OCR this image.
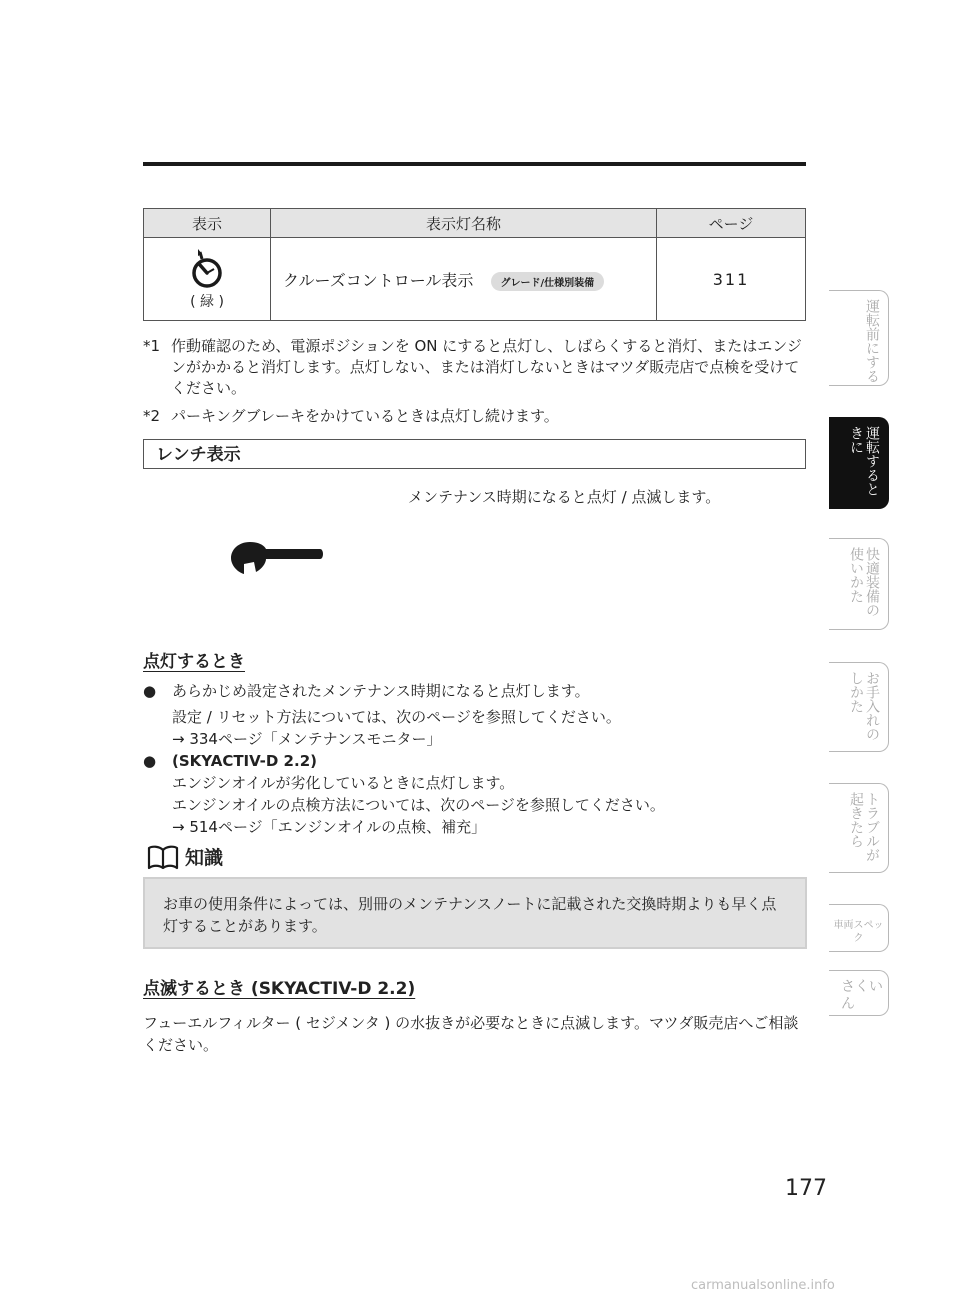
表示	表示灯名称	ページ

( 緑 )	クルーズコントロール表示 グレード/仕様別装備	311
*1 作動確認のため、電源ポジションを ON にすると点灯し、しばらくすると消灯、またはエンジンがかかると消灯します。点灯しない、または消灯しないときはマツダ販売店で点検を受けてください。
*2 パーキングブレーキをかけているときは点灯し続けます。
レンチ表示
メンテナンス時期になると点灯 / 点滅します。
点灯するとき
●	あらかじめ設定されたメンテナンス時期になると点灯します。
設定 / リセット方法については、次のページを参照してください。
→ 334ページ「メンテナンスモニター」
●	(SKYACTIV-D 2.2)
エンジンオイルが劣化しているときに点灯します。
エンジンオイルの点検方法については、次のページを参照してください。
→ 514ページ「エンジンオイルの点検、補充」
知識
お車の使用条件によっては、別冊のメンテナンスノートに記載された交換時期よりも早く点灯することがあります。
点滅するとき (SKYACTIV-D 2.2)
フューエルフィルター ( セジメンタ ) の水抜きが必要なときに点滅します。マツダ販売店へご相談ください。
運転前にする
運転するときに
快適装備の使いかた
お手入れのしかた
トラブルが起きたら
車両スペック
さくいん
177
carmanualsonline.info
